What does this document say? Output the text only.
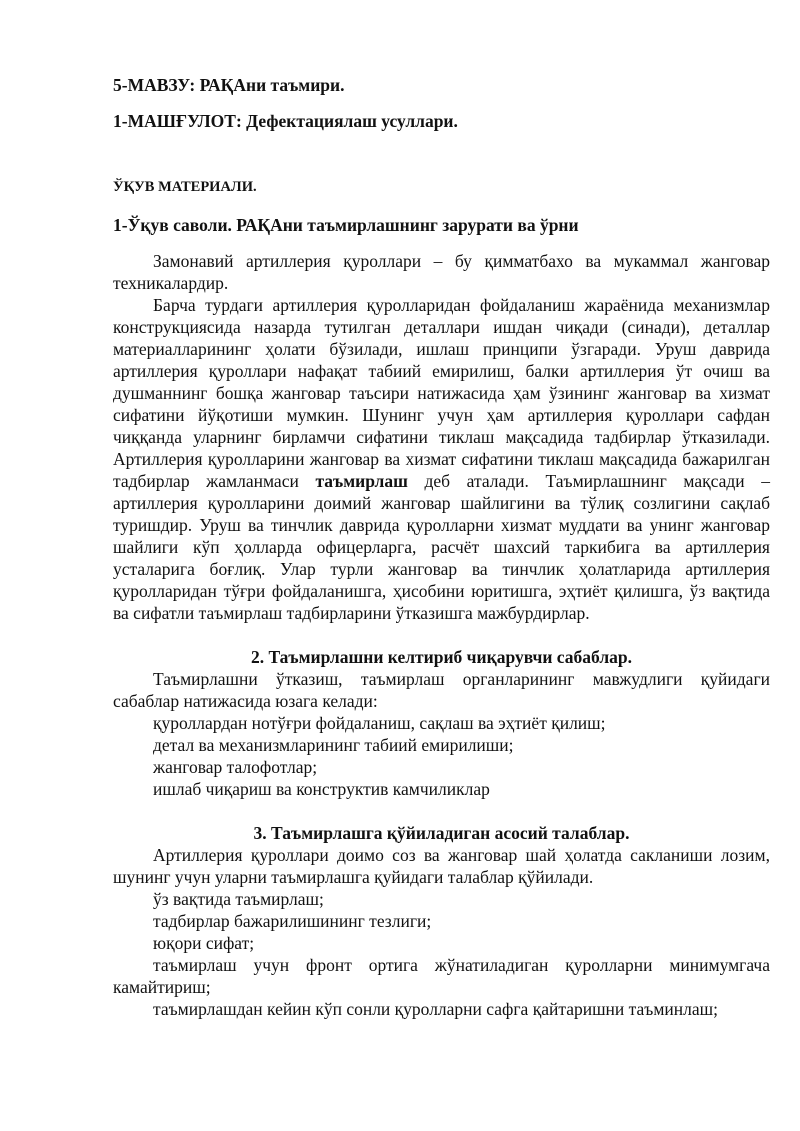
5-МАВЗУ: РАҚАни таъмири.

1-МАШҒУЛОТ: Дефектациялаш усуллари.

ЎҚУВ МАТЕРИАЛИ.

1-Ўқув саволи. РАҚАни таъмирлашнинг зарурати ва ўрни

Замонавий артиллерия қуроллари – бу қимматбахо ва мукаммал жанговар техникалардир.

Барча турдаги артиллерия қуролларидан фойдаланиш жараёнида механизмлар конструкциясида назарда тутилган деталлари ишдан чиқади (синади), деталлар материалларининг ҳолати бўзилади, ишлаш принципи ўзгаради. Уруш даврида артиллерия қуроллари нафақат табиий емирилиш, балки артиллерия ўт очиш ва душманнинг бошқа жанговар таъсири натижасида ҳам ўзининг жанговар ва хизмат сифатини йўқотиши мумкин. Шунинг учун ҳам артиллерия қуроллари сафдан чиққанда уларнинг бирламчи сифатини тиклаш мақсадида тадбирлар ўтказилади. Артиллерия қуролларини жанговар ва хизмат сифатини тиклаш мақсадида бажарилган тадбирлар жамланмаси таъмирлаш деб аталади. Таъмирлашнинг мақсади – артиллерия қуролларини доимий жанговар шайлигини ва тўлиқ созлигини сақлаб туришдир. Уруш ва тинчлик даврида қуролларни хизмат муддати ва унинг жанговар шайлиги кўп ҳолларда офицерларга, расчёт шахсий таркибига ва артиллерия усталарига боғлиқ. Улар турли жанговар ва тинчлик ҳолатларида артиллерия қуролларидан тўғри фойдаланишга, ҳисобини юритишга, эҳтиёт қилишга, ўз вақтида ва сифатли таъмирлаш тадбирларини ўтказишга мажбурдирлар.

2. Таъмирлашни келтириб чиқарувчи сабаблар.

Таъмирлашни ўтказиш, таъмирлаш органларининг мавжудлиги қуйидаги сабаблар натижасида юзага келади:

қуроллардан нотўғри фойдаланиш, сақлаш ва эҳтиёт қилиш;

детал ва механизмларининг табиий емирилиши;

жанговар талофотлар;

ишлаб чиқариш ва конструктив камчиликлар

3. Таъмирлашга қўйиладиган асосий талаблар.

Артиллерия қуроллари доимо соз ва жанговар шай ҳолатда сакланиши лозим, шунинг учун уларни таъмирлашга қуйидаги талаблар қўйилади.

ўз вақтида таъмирлаш;

тадбирлар бажарилишининг тезлиги;

юқори сифат;

таъмирлаш учун фронт ортига жўнатиладиган қуролларни минимумгача камайтириш;

таъмирлашдан кейин кўп сонли қуролларни сафга қайтаришни таъминлаш;
